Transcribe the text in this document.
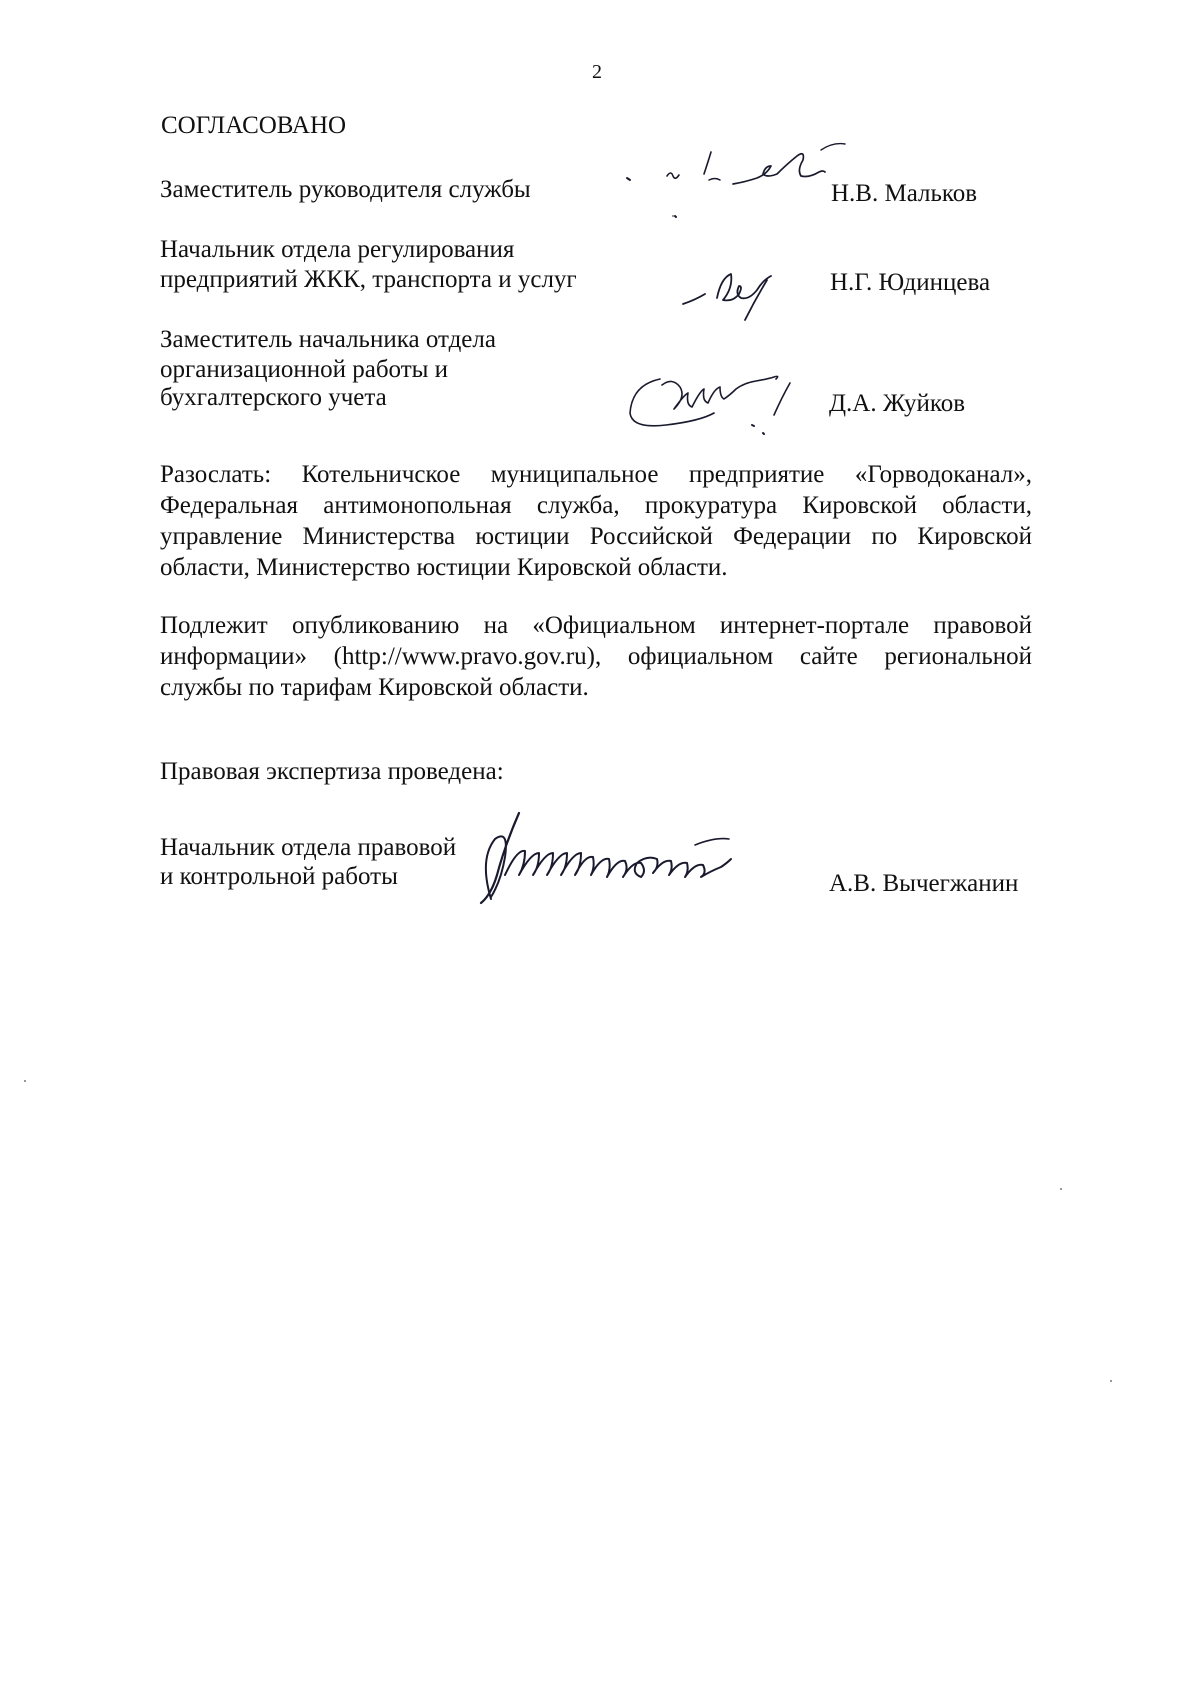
2
СОГЛАСОВАНО
Заместитель руководителя службы	Н.В. Мальков
Начальник отдела регулирования
предприятий ЖКК, транспорта и услуг	Н.Г. Юдинцева
Заместитель начальника отдела
организационной работы и
бухгалтерского учета	Д.А. Жуйков

Разослать: Котельничское муниципальное предприятие «Горводоканал», Федеральная антимонопольная служба, прокуратура Кировской области, управление Министерства юстиции Российской Федерации по Кировской области, Министерство юстиции Кировской области.

Подлежит опубликованию на «Официальном интернет-портале правовой информации» (http://www.pravo.gov.ru), официальном сайте региональной службы по тарифам Кировской области.

Правовая экспертиза проведена:
Начальник отдела правовой
и контрольной работы	А.В. Вычегжанин
